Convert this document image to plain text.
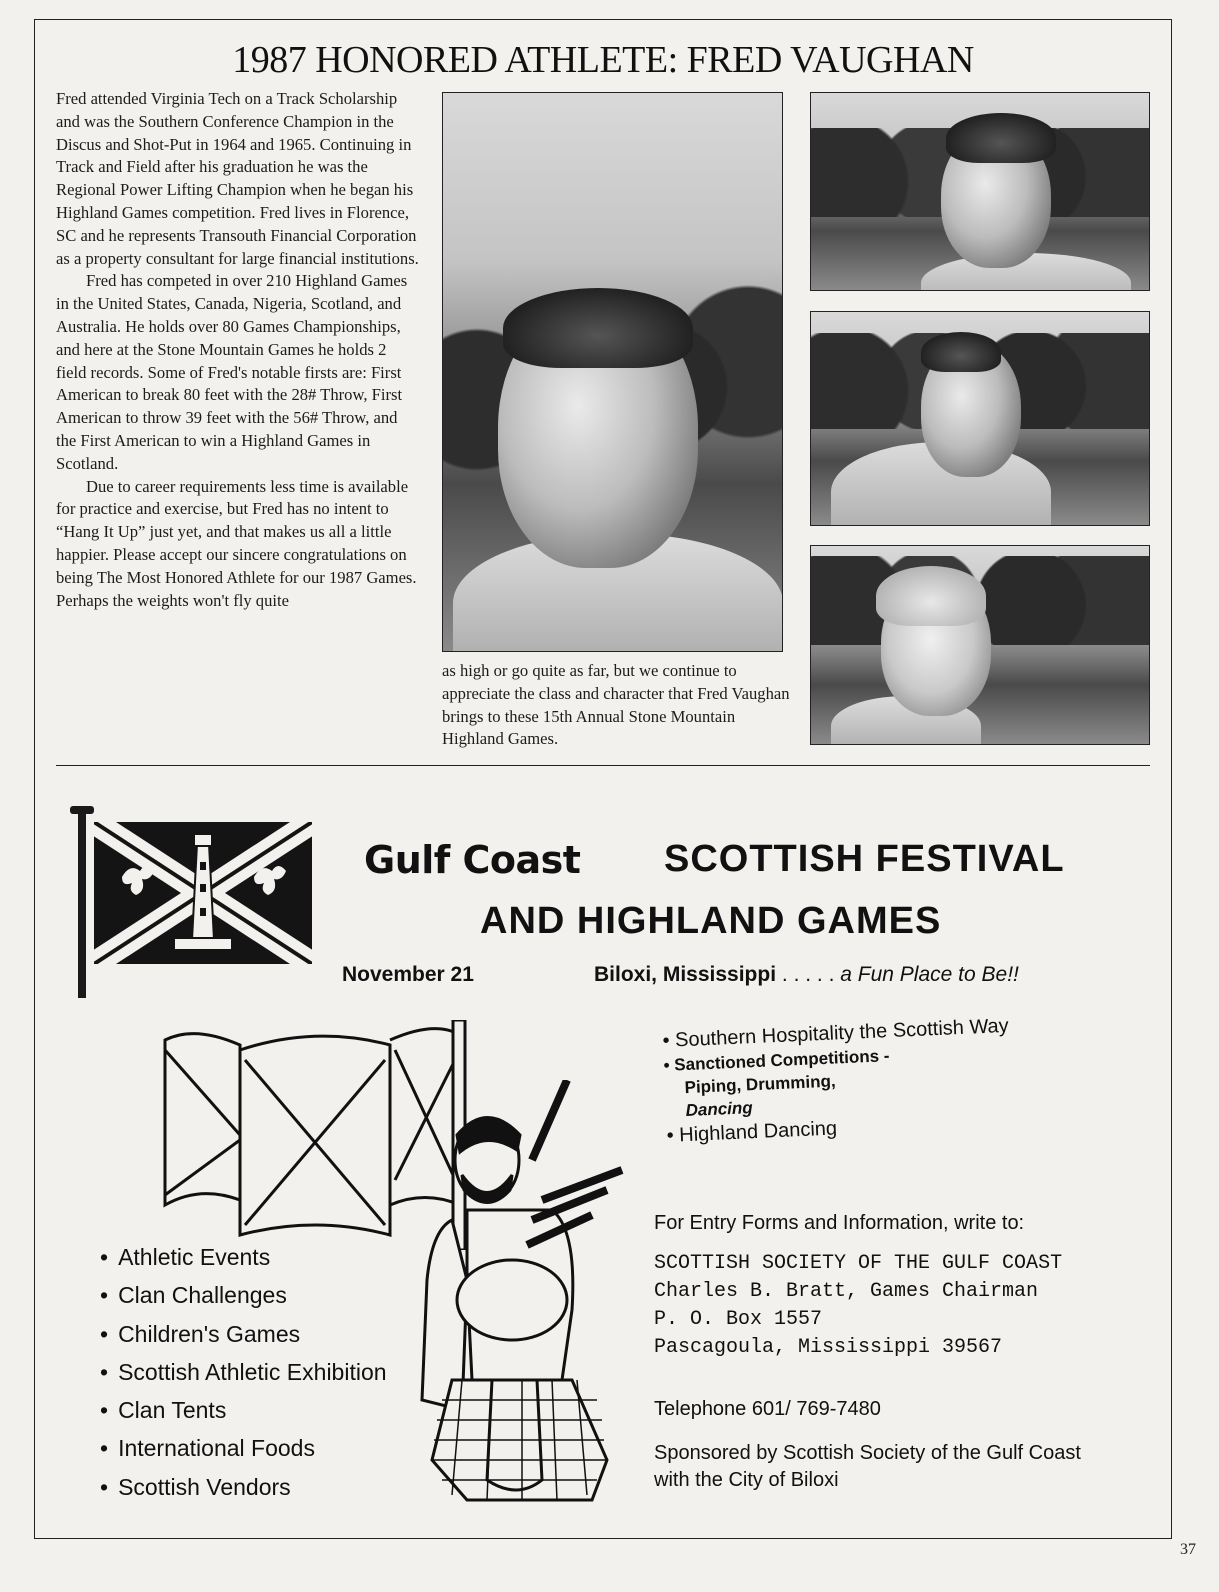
1987 HONORED ATHLETE: FRED VAUGHAN

Fred attended Virginia Tech on a Track Scholarship and was the Southern Conference Champion in the Discus and Shot-Put in 1964 and 1965. Continuing in Track and Field after his graduation he was the Regional Power Lifting Champion when he began his Highland Games competition. Fred lives in Florence, SC and he represents Transouth Financial Corporation as a property consultant for large financial institutions.

Fred has competed in over 210 Highland Games in the United States, Canada, Nigeria, Scotland, and Australia. He holds over 80 Games Championships, and here at the Stone Mountain Games he holds 2 field records. Some of Fred's notable firsts are: First American to break 80 feet with the 28# Throw, First American to throw 39 feet with the 56# Throw, and the First American to win a Highland Games in Scotland.

Due to career requirements less time is available for practice and exercise, but Fred has no intent to “Hang It Up” just yet, and that makes us all a little happier. Please accept our sincere congratulations on being The Most Honored Athlete for our 1987 Games. Perhaps the weights won't fly quite

as high or go quite as far, but we continue to appreciate the class and character that Fred Vaughan brings to these 15th Annual Stone Mountain Highland Games.
Gulf Coast SCOTTISH FESTIVAL
AND HIGHLAND GAMES
November 21	Biloxi, Mississippi . . . . . a Fun Place to Be!!
• Southern Hospitality the Scottish Way
• Sanctioned Competitions -
Piping, Drumming,
Dancing
• Highland Dancing
• Athletic Events
• Clan Challenges
• Children's Games
• Scottish Athletic Exhibition
• Clan Tents
• International Foods
• Scottish Vendors
For Entry Forms and Information, write to:
SCOTTISH SOCIETY OF THE GULF COAST
Charles B. Bratt, Games Chairman
P. O. Box 1557
Pascagoula, Mississippi 39567
Telephone 601/ 769-7480
Sponsored by Scottish Society of the Gulf Coast
with the City of Biloxi
37
